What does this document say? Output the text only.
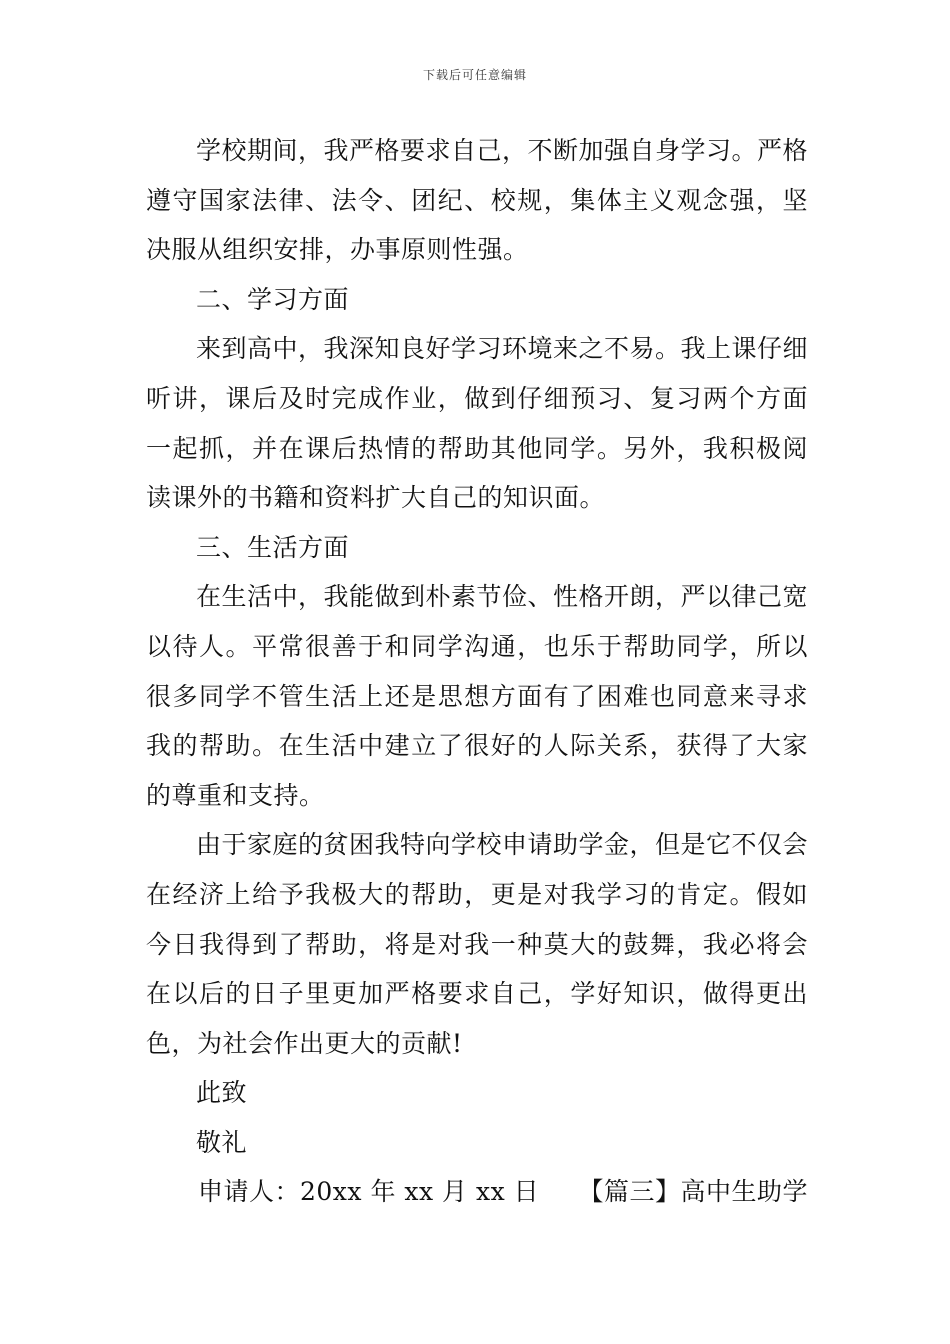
下载后可任意编辑

学校期间，我严格要求自己，不断加强自身学习。严格遵守国家法律、法令、团纪、校规，集体主义观念强，坚决服从组织安排，办事原则性强。

二、学习方面

来到高中，我深知良好学习环境来之不易。我上课仔细听讲，课后及时完成作业，做到仔细预习、复习两个方面一起抓，并在课后热情的帮助其他同学。另外，我积极阅读课外的书籍和资料扩大自己的知识面。

三、生活方面

在生活中，我能做到朴素节俭、性格开朗，严以律己宽以待人。平常很善于和同学沟通，也乐于帮助同学，所以很多同学不管生活上还是思想方面有了困难也同意来寻求我的帮助。在生活中建立了很好的人际关系，获得了大家的尊重和支持。

由于家庭的贫困我特向学校申请助学金，但是它不仅会在经济上给予我极大的帮助，更是对我学习的肯定。假如今日我得到了帮助，将是对我一种莫大的鼓舞，我必将会在以后的日子里更加严格要求自己，学好知识，做得更出色，为社会作出更大的贡献!

此致

敬礼

申请人：20xx 年 xx 月 xx 日 【篇三】高中生助学
